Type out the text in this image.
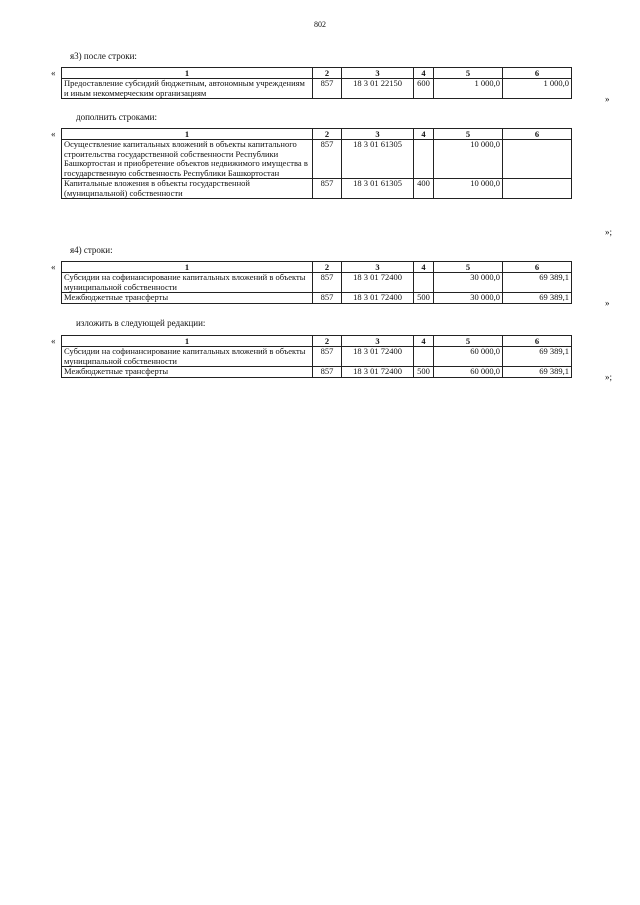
802
я3) после строки:
«	1	2	3	4	5	6
Предоставление субсидий бюджетным, автономным учреждениям и иным некоммерческим организациям	857	18 3 01 22150	600	1 000,0	1 000,0
»
дополнить строками:
«	1	2	3	4	5	6
Осуществление капитальных вложений в объекты капитального строительства государственной собственности Республики Башкортостан и приобретение объектов недвижимого имущества в государственную собственность Республики Башкортостан	857	18 3 01 61305		10 000,0	
Капитальные вложения в объекты государственной (муниципальной) собственности	857	18 3 01 61305	400	10 000,0	
»;
я4) строки:
«	1	2	3	4	5	6
Субсидии на софинансирование капитальных вложений в объекты муниципальной собственности	857	18 3 01 72400		30 000,0	69 389,1
Межбюджетные трансферты	857	18 3 01 72400	500	30 000,0	69 389,1
»
изложить в следующей редакции:
«	1	2	3	4	5	6
Субсидии на софинансирование капитальных вложений в объекты муниципальной собственности	857	18 3 01 72400		60 000,0	69 389,1
Межбюджетные трансферты	857	18 3 01 72400	500	60 000,0	69 389,1
»;
